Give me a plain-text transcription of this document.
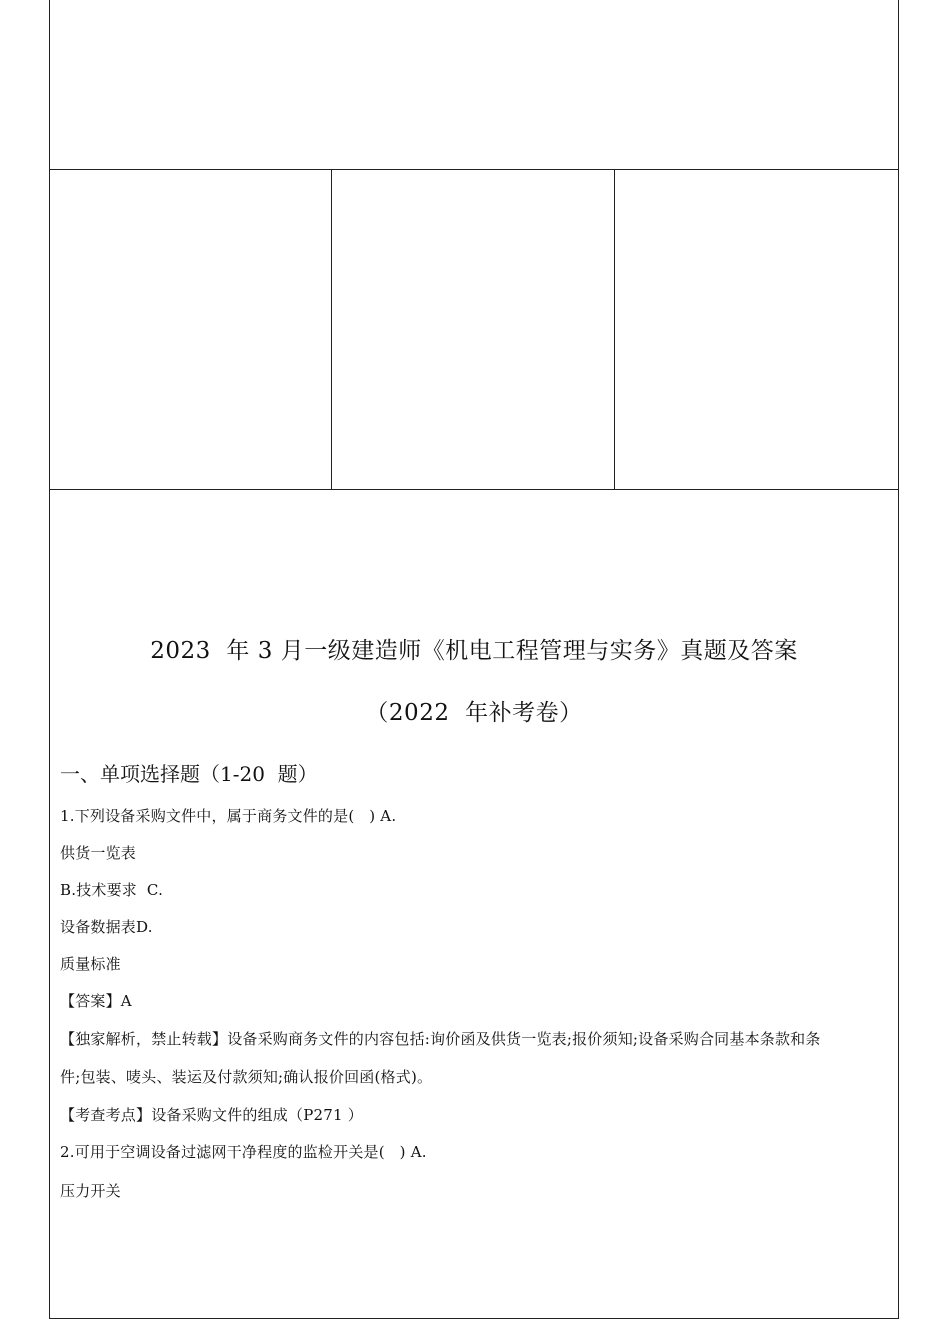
2023  年 3 月一级建造师《机电工程管理与实务》真题及答案
（2022  年补考卷）
一、单项选择题（1-20  题）
1.下列设备采购文件中，属于商务文件的是(   ) A.
供货一览表
B.技术要求  C.
设备数据表D.
质量标准
【答案】A
【独家解析，禁止转载】设备采购商务文件的内容包括:询价函及供货一览表;报价须知;设备采购合同基本条款和条
件;包装、唛头、装运及付款须知;确认报价回函(格式)。
【考查考点】设备采购文件的组成（P271 ）
2.可用于空调设备过滤网干净程度的监检开关是(   ) A.
压力开关
